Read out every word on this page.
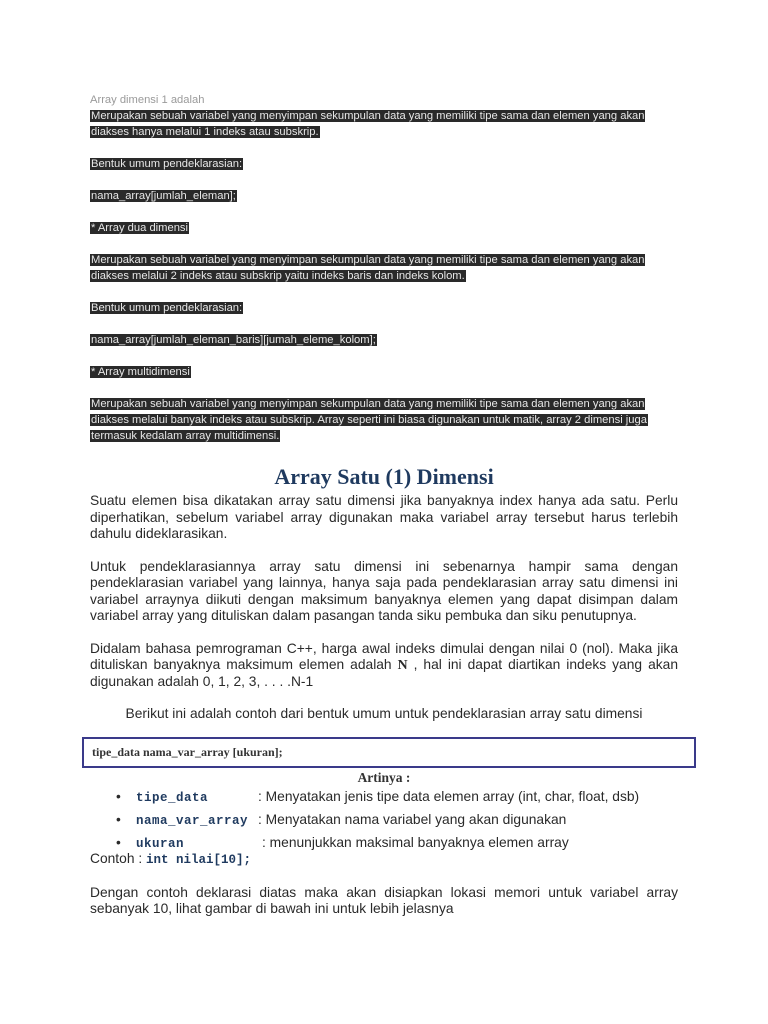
Array dimensi 1 adalah

Merupakan sebuah variabel yang menyimpan sekumpulan data yang memiliki tipe sama dan elemen yang akan diakses hanya melalui 1 indeks atau subskrip.

Bentuk umum pendeklarasian:

nama_array[jumlah_eleman];

* Array dua dimensi

Merupakan sebuah variabel yang menyimpan sekumpulan data yang memiliki tipe sama dan elemen yang akan diakses melalui 2 indeks atau subskrip yaitu indeks baris dan indeks kolom.

Bentuk umum pendeklarasian:

nama_array[jumlah_eleman_baris][jumah_eleme_kolom];

* Array multidimensi

Merupakan sebuah variabel yang menyimpan sekumpulan data yang memiliki tipe sama dan elemen yang akan diakses melalui banyak indeks atau subskrip. Array seperti ini biasa digunakan untuk matik, array 2 dimensi juga termasuk kedalam array multidimensi.

Array Satu (1) Dimensi

Suatu elemen bisa dikatakan array satu dimensi jika banyaknya index hanya ada satu. Perlu diperhatikan, sebelum variabel array digunakan maka variabel array tersebut harus terlebih dahulu dideklarasikan.

Untuk pendeklarasiannya array satu dimensi ini sebenarnya hampir sama dengan pendeklarasian variabel yang lainnya, hanya saja pada pendeklarasian array satu dimensi ini variabel arraynya diikuti dengan maksimum banyaknya elemen yang dapat disimpan dalam variabel array yang dituliskan dalam pasangan tanda siku pembuka dan siku penutupnya.

Didalam bahasa pemrograman C++, harga awal indeks dimulai dengan nilai 0 (nol). Maka jika dituliskan banyaknya maksimum elemen adalah N , hal ini dapat diartikan indeks yang akan digunakan adalah 0, 1, 2, 3, . . . .N-1

Berikut ini adalah contoh dari bentuk umum untuk pendeklarasian array satu dimensi

tipe_data nama_var_array [ukuran];
Artinya :
•	tipe_data	: Menyatakan jenis tipe data elemen array (int, char, float, dsb)
•	nama_var_array : Menyatakan nama variabel yang akan digunakan
•	ukuran	: menunjukkan maksimal banyaknya elemen array
Contoh : int nilai[10];

Dengan contoh deklarasi diatas maka akan disiapkan lokasi memori untuk variabel array sebanyak 10, lihat gambar di bawah ini untuk lebih jelasnya
